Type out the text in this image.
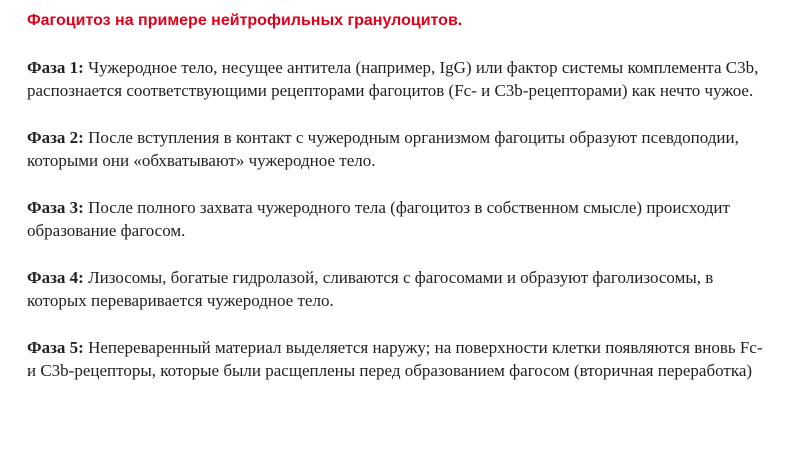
Фагоцитоз на примере нейтрофильных гранулоцитов.
Фаза 1: Чужеродное тело, несущее антитела (например, IgG) или фактор системы комплемента C3b, распознается соответствующими рецепторами фагоцитов (Fc- и C3b-рецепторами) как нечто чужое.
Фаза 2: После вступления в контакт с чужеродным организмом фагоциты образуют псевдоподии, которыми они «обхватывают» чужеродное тело.
Фаза 3: После полного захвата чужеродного тела (фагоцитоз в собственном смысле) происходит образование фагосом.
Фаза 4: Лизосомы, богатые гидролазой, сливаются с фагосомами и образуют фаголизосомы, в которых переваривается чужеродное тело.
Фаза 5: Непереваренный материал выделяется наружу; на поверхности клетки появляются вновь Fc- и C3b-рецепторы, которые были расщеплены перед образованием фагосом (вторичная переработка)
